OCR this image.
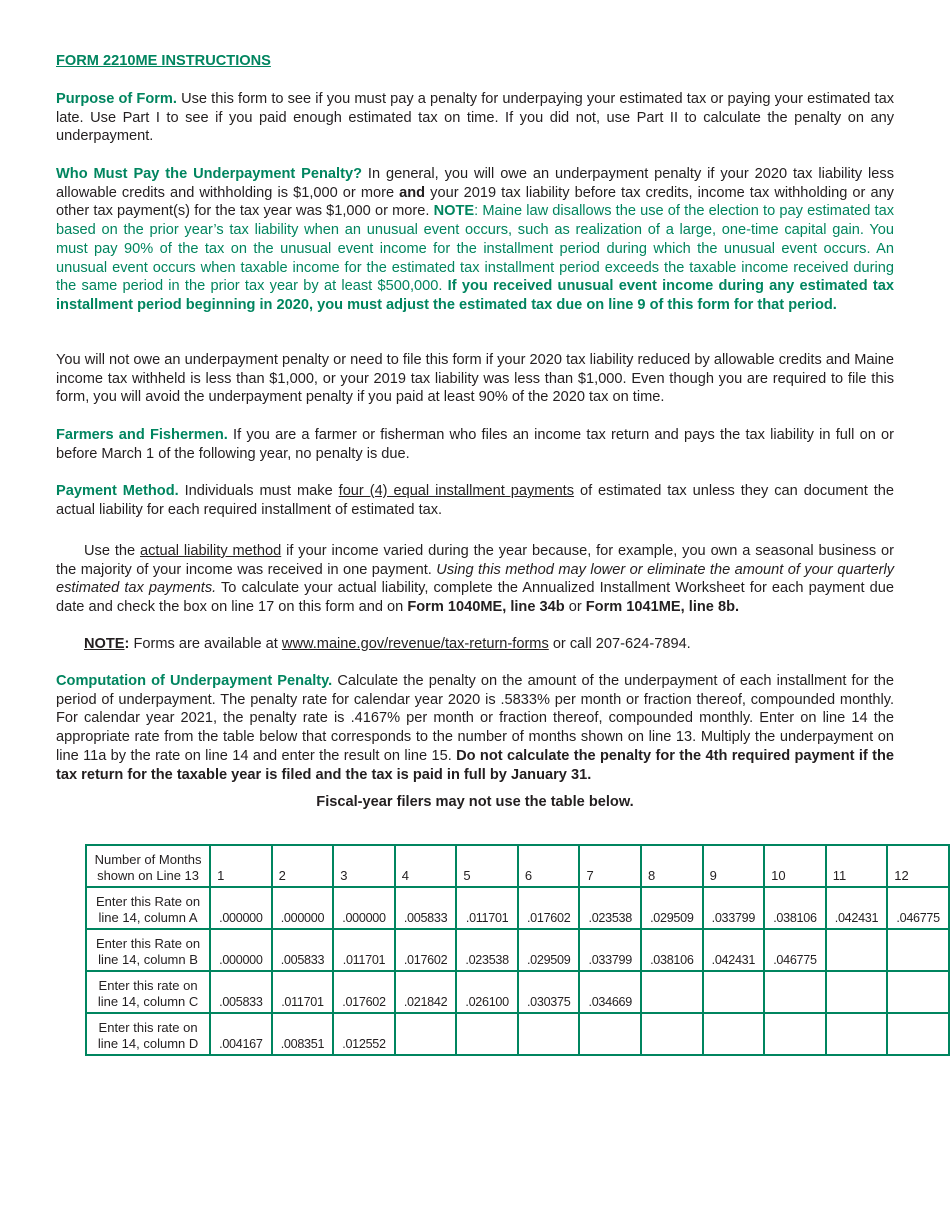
FORM 2210ME INSTRUCTIONS

Purpose of Form. Use this form to see if you must pay a penalty for underpaying your estimated tax or paying your estimated tax late. Use Part I to see if you paid enough estimated tax on time. If you did not, use Part II to calculate the penalty on any underpayment.

Who Must Pay the Underpayment Penalty? In general, you will owe an underpayment penalty if your 2020 tax liability less allowable credits and withholding is $1,000 or more and your 2019 tax liability before tax credits, income tax withholding or any other tax payment(s) for the tax year was $1,000 or more. NOTE: Maine law disallows the use of the election to pay estimated tax based on the prior year’s tax liability when an unusual event occurs, such as realization of a large, one-time capital gain. You must pay 90% of the tax on the unusual event income for the installment period during which the unusual event occurs. An unusual event occurs when taxable income for the estimated tax installment period exceeds the taxable income received during the same period in the prior tax year by at least $500,000. If you received unusual event income during any estimated tax installment period beginning in 2020, you must adjust the estimated tax due on line 9 of this form for that period.

You will not owe an underpayment penalty or need to file this form if your 2020 tax liability reduced by allowable credits and Maine income tax withheld is less than $1,000, or your 2019 tax liability was less than $1,000. Even though you are required to file this form, you will avoid the underpayment penalty if you paid at least 90% of the 2020 tax on time.

Farmers and Fishermen. If you are a farmer or fisherman who files an income tax return and pays the tax liability in full on or before March 1 of the following year, no penalty is due.

Payment Method. Individuals must make four (4) equal installment payments of estimated tax unless they can document the actual liability for each required installment of estimated tax.

Use the actual liability method if your income varied during the year because, for example, you own a seasonal business or the majority of your income was received in one payment. Using this method may lower or eliminate the amount of your quarterly estimated tax payments. To calculate your actual liability, complete the Annualized Installment Worksheet for each payment due date and check the box on line 17 on this form and on Form 1040ME, line 34b or Form 1041ME, line 8b.

NOTE: Forms are available at www.maine.gov/revenue/tax-return-forms or call 207-624-7894.

Computation of Underpayment Penalty. Calculate the penalty on the amount of the underpayment of each installment for the period of underpayment. The penalty rate for calendar year 2020 is .5833% per month or fraction thereof, compounded monthly. For calendar year 2021, the penalty rate is .4167% per month or fraction thereof, compounded monthly. Enter on line 14 the appropriate rate from the table below that corresponds to the number of months shown on line 13. Multiply the underpayment on line 11a by the rate on line 14 and enter the result on line 15. Do not calculate the penalty for the 4th required payment if the tax return for the taxable year is filed and the tax is paid in full by January 31.

Fiscal-year filers may not use the table below.
Number of Months
shown on Line 13	1	2	3	4	5	6	7	8	9	10	11	12
Enter this Rate on
line 14, column A	.000000	.000000	.000000	.005833	.011701	.017602	.023538	.029509	.033799	.038106	.042431	.046775
Enter this Rate on
line 14, column B	.000000	.005833	.011701	.017602	.023538	.029509	.033799	.038106	.042431	.046775		
Enter this rate on
line 14, column C	.005833	.011701	.017602	.021842	.026100	.030375	.034669					
Enter this rate on
line 14, column D	.004167	.008351	.012552									
